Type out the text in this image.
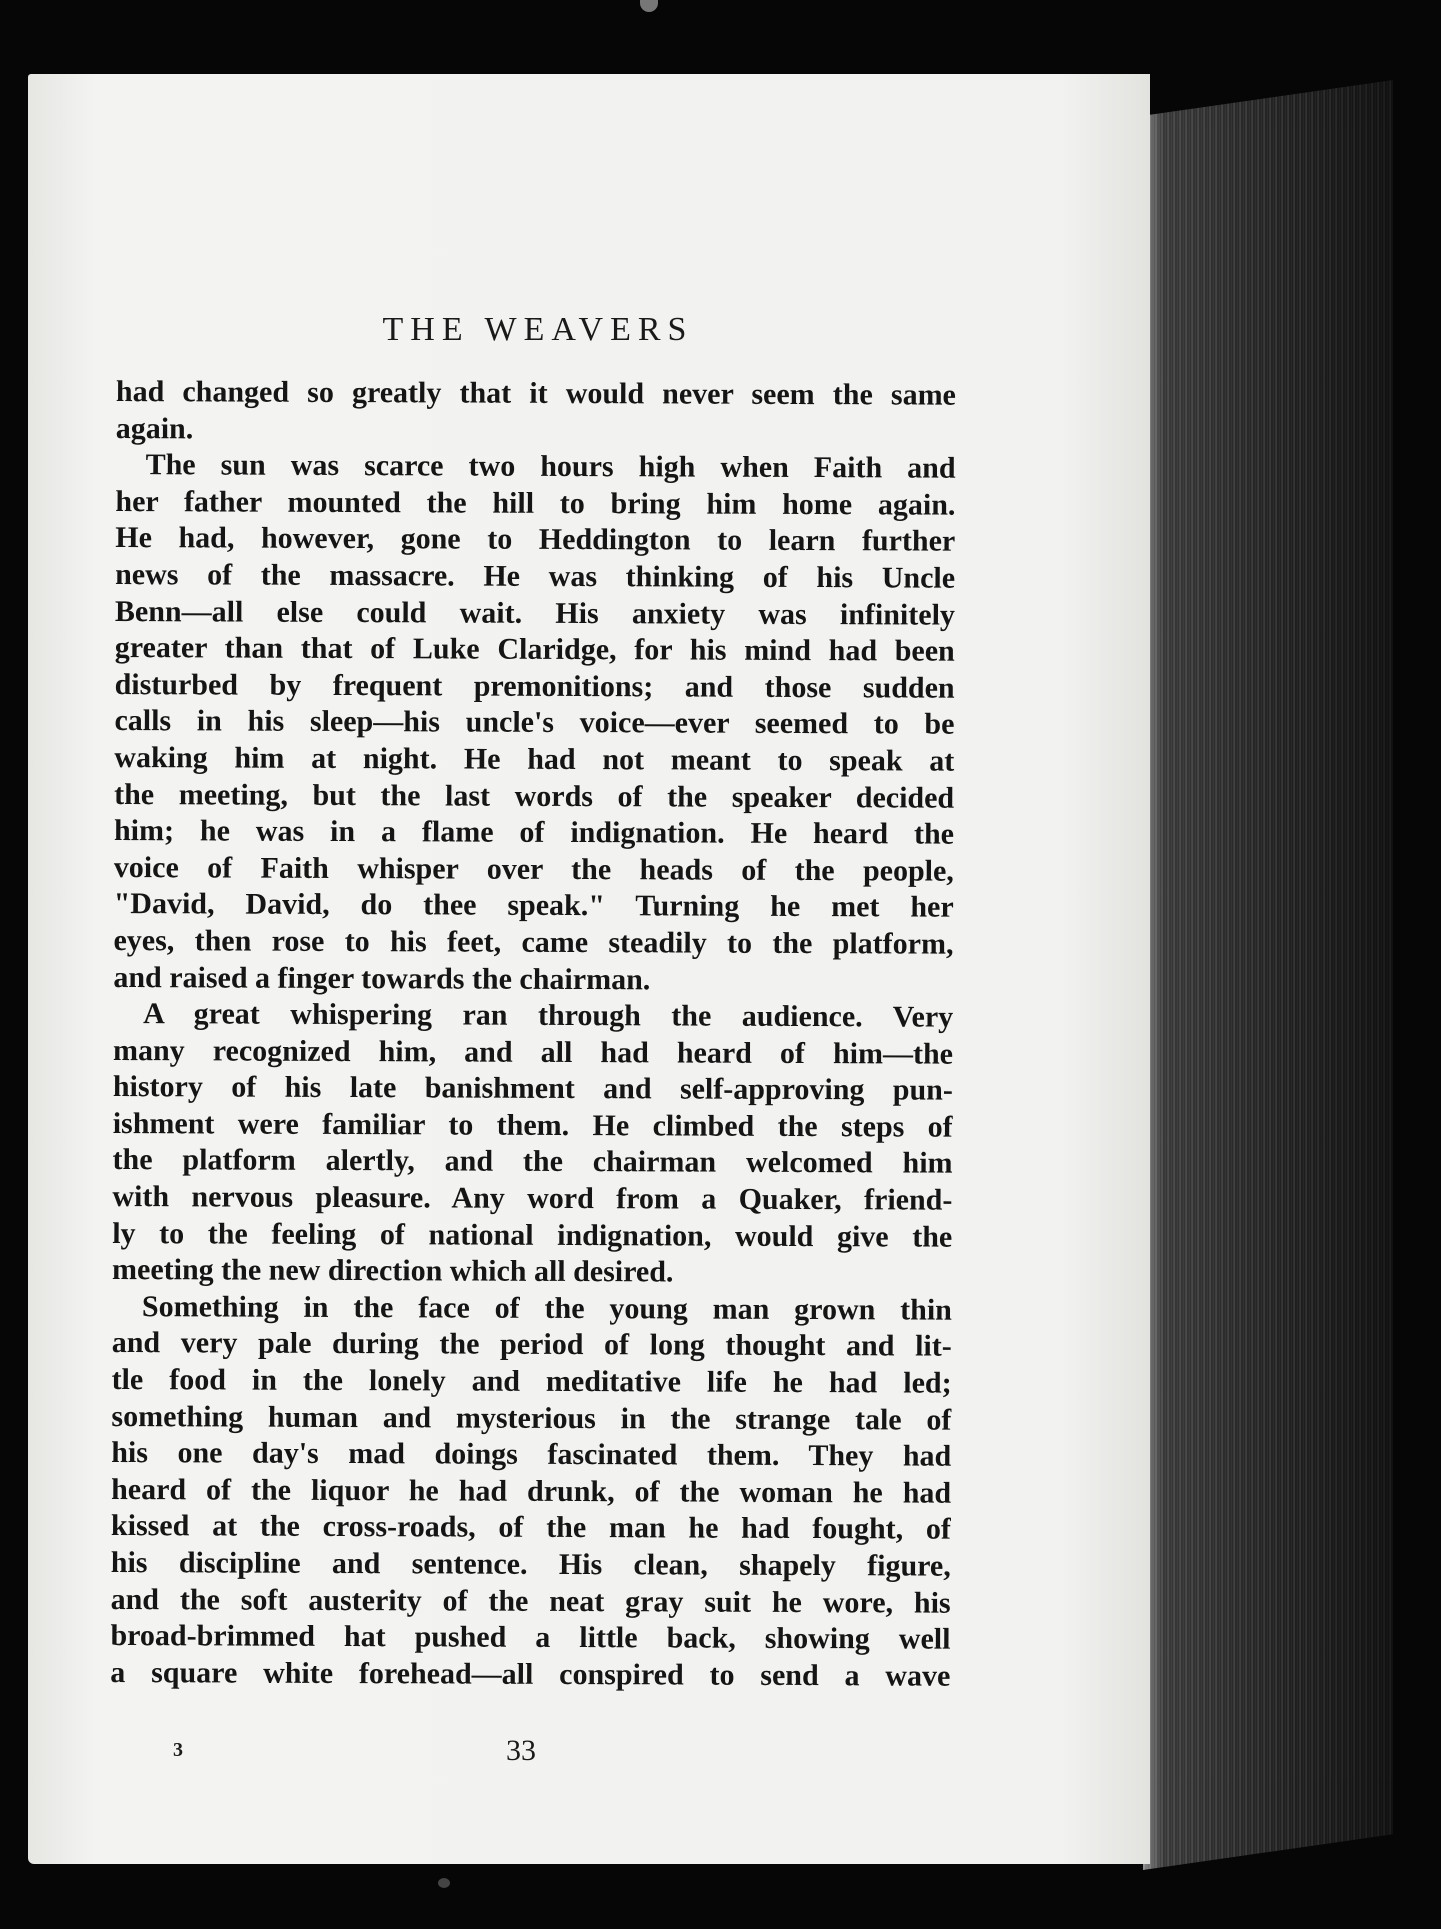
THE WEAVERS
had changed so greatly that it would never seem the same
again.
The sun was scarce two hours high when Faith and
her father mounted the hill to bring him home again.
He had, however, gone to Heddington to learn further
news of the massacre. He was thinking of his Uncle
Benn—all else could wait. His anxiety was infinitely
greater than that of Luke Claridge, for his mind had been
disturbed by frequent premonitions; and those sudden
calls in his sleep—his uncle's voice—ever seemed to be
waking him at night. He had not meant to speak at
the meeting, but the last words of the speaker decided
him; he was in a flame of indignation. He heard the
voice of Faith whisper over the heads of the people,
"David, David, do thee speak." Turning he met her
eyes, then rose to his feet, came steadily to the platform,
and raised a finger towards the chairman.
A great whispering ran through the audience. Very
many recognized him, and all had heard of him—the
history of his late banishment and self-approving pun-
ishment were familiar to them. He climbed the steps of
the platform alertly, and the chairman welcomed him
with nervous pleasure. Any word from a Quaker, friend-
ly to the feeling of national indignation, would give the
meeting the new direction which all desired.
Something in the face of the young man grown thin
and very pale during the period of long thought and lit-
tle food in the lonely and meditative life he had led;
something human and mysterious in the strange tale of
his one day's mad doings fascinated them. They had
heard of the liquor he had drunk, of the woman he had
kissed at the cross-roads, of the man he had fought, of
his discipline and sentence. His clean, shapely figure,
and the soft austerity of the neat gray suit he wore, his
broad-brimmed hat pushed a little back, showing well
a square white forehead—all conspired to send a wave
3	33
